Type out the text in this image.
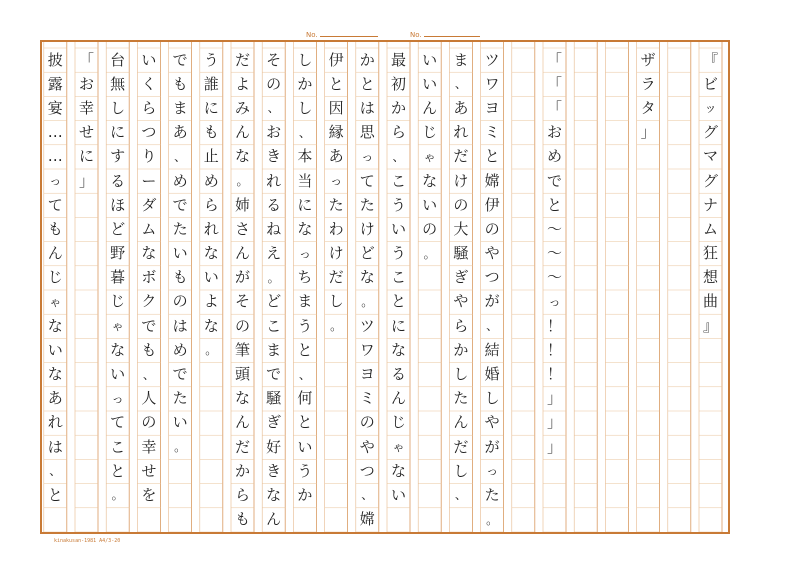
No.	No.
『
ビ
ッ
グ
マ
グ
ナ
ム
狂
想
曲
』
ザ
ラ
タ
」
「
「
「
お
め
で
と
～
～
～
っ
！
！
！
」
」
」
ツ
ワ
ヨ
ミ
と
嫦
伊
の
や
つ
が
、
結
婚
し
や
が
っ
た
。
ま
、
あ
れ
だ
け
の
大
騒
ぎ
や
ら
か
し
た
ん
だ
し
、
い
い
ん
じ
ゃ
な
い
の
。
最
初
か
ら
、
こ
う
い
う
こ
と
に
な
る
ん
じ
ゃ
な
い
か
と
は
思
っ
て
た
け
ど
な
。
ツ
ワ
ヨ
ミ
の
や
つ
、
嫦
伊
と
因
縁
あ
っ
た
わ
け
だ
し
。
し
か
し
、
本
当
に
な
っ
ち
ま
う
と
、
何
と
い
う
か
そ
の
、
お
き
れ
る
ね
え
。
ど
こ
ま
で
騒
ぎ
好
き
な
ん
だ
よ
み
ん
な
。
姉
さ
ん
が
そ
の
筆
頭
な
ん
だ
か
ら
も
う
誰
に
も
止
め
ら
れ
な
い
よ
な
。
で
も
ま
あ
、
め
で
た
い
も
の
は
め
で
た
い
。
い
く
ら
つ
り
ー
ダ
ム
な
ボ
ク
で
も
、
人
の
幸
せ
を
台
無
し
に
す
る
ほ
ど
野
暮
じ
ゃ
な
い
っ
て
こ
と
。
「
お
幸
せ
に
」
披
露
宴
…
…
っ
て
も
ん
じ
ゃ
な
い
な
あ
れ
は
、
と
kinakusan-1981 A4/3-20
